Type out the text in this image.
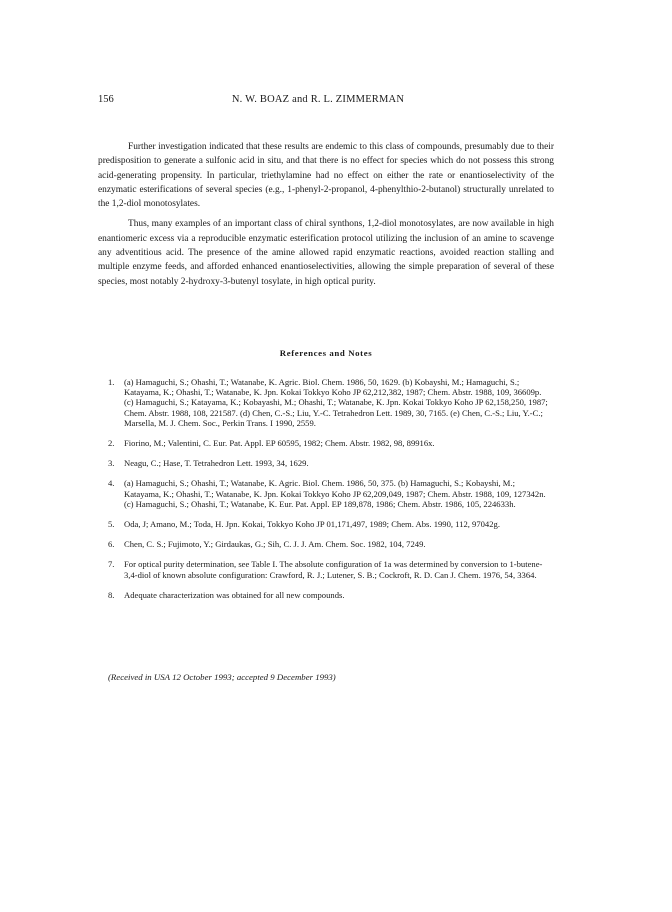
156	N. W. BOAZ and R. L. ZIMMERMAN

Further investigation indicated that these results are endemic to this class of compounds, presumably due to their predisposition to generate a sulfonic acid in situ, and that there is no effect for species which do not possess this strong acid-generating propensity. In particular, triethylamine had no effect on either the rate or enantioselectivity of the enzymatic esterifications of several species (e.g., 1-phenyl-2-propanol, 4-phenylthio-2-butanol) structurally unrelated to the 1,2-diol monotosylates.

Thus, many examples of an important class of chiral synthons, 1,2-diol monotosylates, are now available in high enantiomeric excess via a reproducible enzymatic esterification protocol utilizing the inclusion of an amine to scavenge any adventitious acid. The presence of the amine allowed rapid enzymatic reactions, avoided reaction stalling and multiple enzyme feeds, and afforded enhanced enantioselectivities, allowing the simple preparation of several of these species, most notably 2-hydroxy-3-butenyl tosylate, in high optical purity.

References and Notes
1. (a) Hamaguchi, S.; Ohashi, T.; Watanabe, K. Agric. Biol. Chem. 1986, 50, 1629. (b) Kobayshi, M.; Hamaguchi, S.; Katayama, K.; Ohashi, T.; Watanabe, K. Jpn. Kokai Tokkyo Koho JP 62,212,382, 1987; Chem. Abstr. 1988, 109, 36609p. (c) Hamaguchi, S.; Katayama, K.; Kobayashi, M.; Ohashi, T.; Watanabe, K. Jpn. Kokai Tokkyo Koho JP 62,158,250, 1987; Chem. Abstr. 1988, 108, 221587. (d) Chen, C.-S.; Liu, Y.-C. Tetrahedron Lett. 1989, 30, 7165. (e) Chen, C.-S.; Liu, Y.-C.; Marsella, M. J. Chem. Soc., Perkin Trans. I 1990, 2559.
2. Fiorino, M.; Valentini, C. Eur. Pat. Appl. EP 60595, 1982; Chem. Abstr. 1982, 98, 89916x.
3. Neagu, C.; Hase, T. Tetrahedron Lett. 1993, 34, 1629.
4. (a) Hamaguchi, S.; Ohashi, T.; Watanabe, K. Agric. Biol. Chem. 1986, 50, 375. (b) Hamaguchi, S.; Kobayshi, M.; Katayama, K.; Ohashi, T.; Watanabe, K. Jpn. Kokai Tokkyo Koho JP 62,209,049, 1987; Chem. Abstr. 1988, 109, 127342n. (c) Hamaguchi, S.; Ohashi, T.; Watanabe, K. Eur. Pat. Appl. EP 189,878, 1986; Chem. Abstr. 1986, 105, 224633h.
5. Oda, J; Amano, M.; Toda, H. Jpn. Kokai, Tokkyo Koho JP 01,171,497, 1989; Chem. Abs. 1990, 112, 97042g.
6. Chen, C. S.; Fujimoto, Y.; Girdaukas, G.; Sih, C. J. J. Am. Chem. Soc. 1982, 104, 7249.
7. For optical purity determination, see Table I. The absolute configuration of 1a was determined by conversion to 1-butene-3,4-diol of known absolute configuration: Crawford, R. J.; Lutener, S. B.; Cockroft, R. D. Can J. Chem. 1976, 54, 3364.
8. Adequate characterization was obtained for all new compounds.
(Received in USA 12 October 1993; accepted 9 December 1993)
